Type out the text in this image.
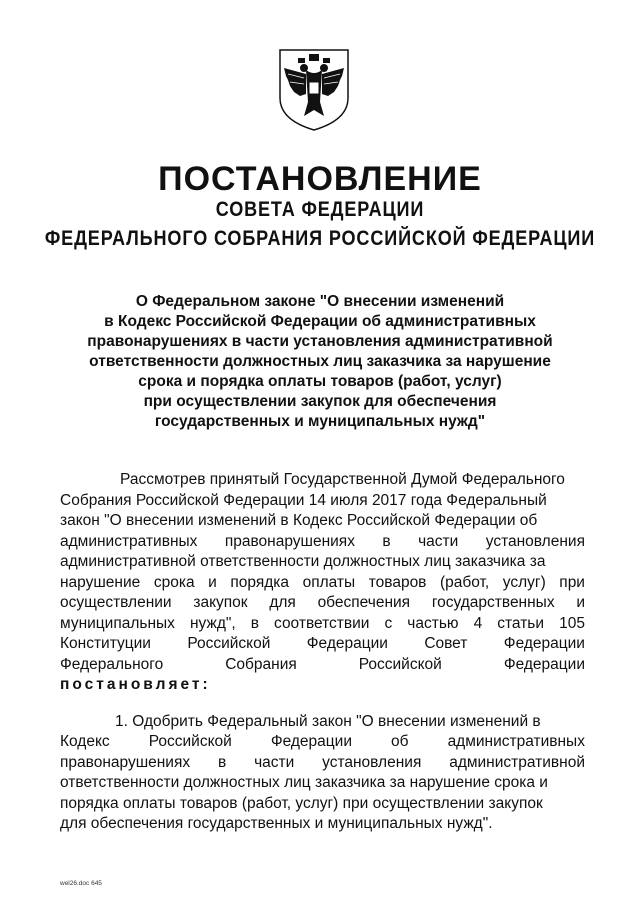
ПОСТАНОВЛЕНИЕ
СОВЕТА ФЕДЕРАЦИИ
ФЕДЕРАЛЬНОГО СОБРАНИЯ РОССИЙСКОЙ ФЕДЕРАЦИИ
О Федеральном законе "О внесении изменений
в Кодекс Российской Федерации об административных
правонарушениях в части установления административной
ответственности должностных лиц заказчика за нарушение
срока и порядка оплаты товаров (работ, услуг)
при осуществлении закупок для обеспечения
государственных и муниципальных нужд"
Рассмотрев принятый Государственной Думой Федерального
Собрания Российской Федерации 14 июля 2017 года Федеральный
закон "О внесении изменений в Кодекс Российской Федерации об
административных правонарушениях в части установления
административной ответственности должностных лиц заказчика за
нарушение срока и порядка оплаты товаров (работ, услуг) при
осуществлении закупок для обеспечения государственных и
муниципальных нужд", в соответствии с частью 4 статьи 105
Конституции Российской Федерации Совет Федерации
Федерального	Собрания	Российской	Федерации
постановляет:
1. Одобрить Федеральный закон "О внесении изменений в
Кодекс	Российской	Федерации	об	административных
правонарушениях в части установления административной
ответственности должностных лиц заказчика за нарушение срока и
порядка оплаты товаров (работ, услуг) при осуществлении закупок
для обеспечения государственных и муниципальных нужд".
wel26.doc 645
